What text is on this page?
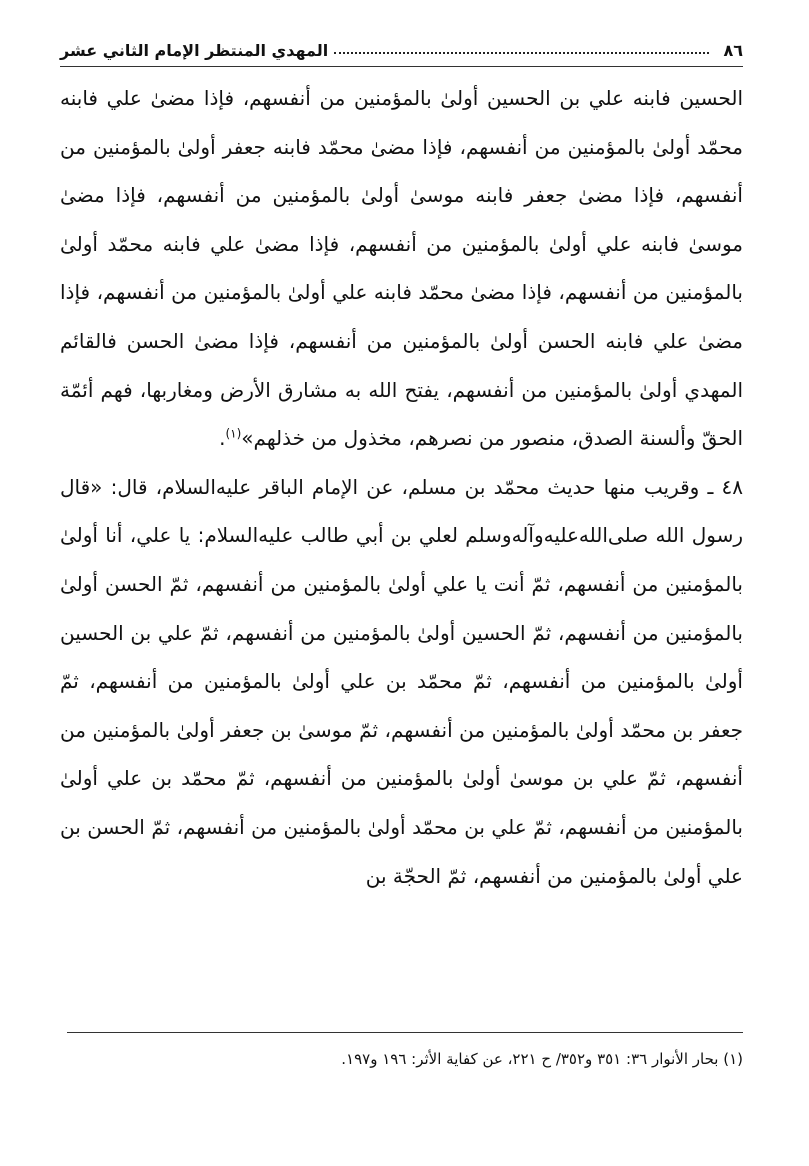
٨٦
المهدي المنتظر الإمام الثاني عشر

الحسين فابنه علي بن الحسين أولىٰ بالمؤمنين من أنفسهم، فإذا مضىٰ علي فابنه محمّد أولىٰ بالمؤمنين من أنفسهم، فإذا مضىٰ محمّد فابنه جعفر أولىٰ بالمؤمنين من أنفسهم، فإذا مضىٰ جعفر فابنه موسىٰ أولىٰ بالمؤمنين من أنفسهم، فإذا مضىٰ موسىٰ فابنه علي أولىٰ بالمؤمنين من أنفسهم، فإذا مضىٰ علي فابنه محمّد أولىٰ بالمؤمنين من أنفسهم، فإذا مضىٰ محمّد فابنه علي أولىٰ بالمؤمنين من أنفسهم، فإذا مضىٰ علي فابنه الحسن أولىٰ بالمؤمنين من أنفسهم، فإذا مضىٰ الحسن فالقائم المهدي أولىٰ بالمؤمنين من أنفسهم، يفتح الله به مشارق الأرض ومغاربها، فهم أئمّة الحقّ وألسنة الصدق، منصور من نصرهم، مخذول من خذلهم»$^{(١)}$.

٤٨ ـ وقريب منها حديث محمّد بن مسلم، عن الإمام الباقر عليه‌السلام، قال: «قال رسول الله صلى‌الله‌عليه‌وآله‌وسلم لعلي بن أبي طالب عليه‌السلام: يا علي، أنا أولىٰ بالمؤمنين من أنفسهم، ثمّ أنت يا علي أولىٰ بالمؤمنين من أنفسهم، ثمّ الحسن أولىٰ بالمؤمنين من أنفسهم، ثمّ الحسين أولىٰ بالمؤمنين من أنفسهم، ثمّ علي بن الحسين أولىٰ بالمؤمنين من أنفسهم، ثمّ محمّد بن علي أولىٰ بالمؤمنين من أنفسهم، ثمّ جعفر بن محمّد أولىٰ بالمؤمنين من أنفسهم، ثمّ موسىٰ بن جعفر أولىٰ بالمؤمنين من أنفسهم، ثمّ علي بن موسىٰ أولىٰ بالمؤمنين من أنفسهم، ثمّ محمّد بن علي أولىٰ بالمؤمنين من أنفسهم، ثمّ علي بن محمّد أولىٰ بالمؤمنين من أنفسهم، ثمّ الحسن بن علي أولىٰ بالمؤمنين من أنفسهم، ثمّ الحجّة بن

(١) بحار الأنوار ٣٦: ٣٥١ و٣٥٢/ ح ٢٢١، عن كفاية الأثر: ١٩٦ و١٩٧.
